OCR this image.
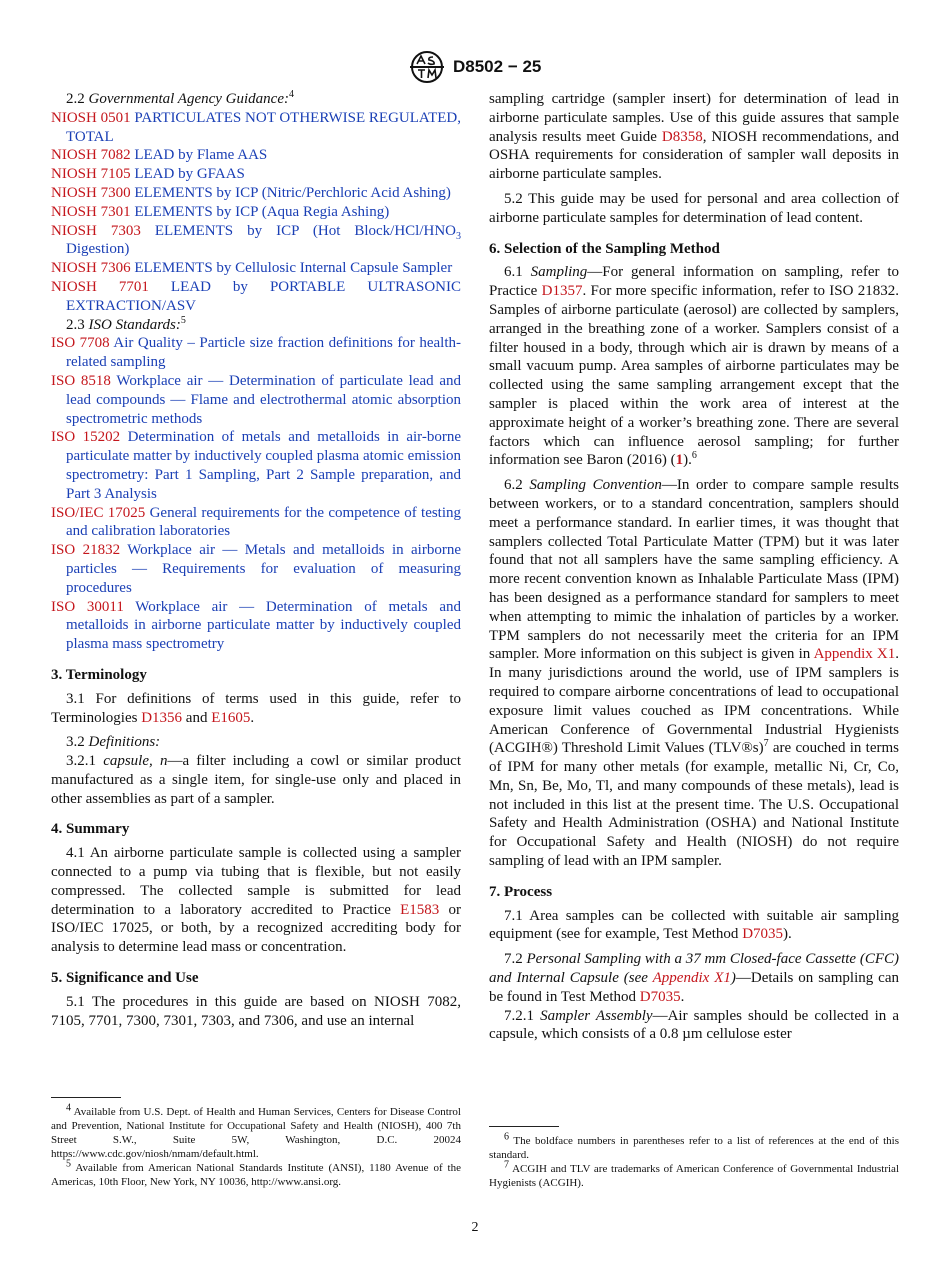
D8502 − 25

2.2 Governmental Agency Guidance:$^4$

NIOSH 0501 PARTICULATES NOT OTHERWISE REGULATED, TOTAL

NIOSH 7082 LEAD by Flame AAS

NIOSH 7105 LEAD by GFAAS

NIOSH 7300 ELEMENTS by ICP (Nitric/Perchloric Acid Ashing)

NIOSH 7301 ELEMENTS by ICP (Aqua Regia Ashing)

NIOSH 7303 ELEMENTS by ICP (Hot Block/$HCl/HNO_3$ Digestion)

NIOSH 7306 ELEMENTS by Cellulosic Internal Capsule Sampler

NIOSH 7701 LEAD by PORTABLE ULTRASONIC EXTRACTION/ASV

2.3 ISO Standards:$^5$

ISO 7708 Air Quality – Particle size fraction definitions for health-related sampling

ISO 8518 Workplace air — Determination of particulate lead and lead compounds — Flame and electrothermal atomic absorption spectrometric methods

ISO 15202 Determination of metals and metalloids in air-borne particulate matter by inductively coupled plasma atomic emission spectrometry: Part 1 Sampling, Part 2 Sample preparation, and Part 3 Analysis

ISO/IEC 17025 General requirements for the competence of testing and calibration laboratories

ISO 21832 Workplace air — Metals and metalloids in airborne particles — Requirements for evaluation of measuring procedures

ISO 30011 Workplace air — Determination of metals and metalloids in airborne particulate matter by inductively coupled plasma mass spectrometry

3. Terminology

3.1 For definitions of terms used in this guide, refer to Terminologies D1356 and E1605.

3.2 Definitions:

3.2.1 capsule, n—a filter including a cowl or similar product manufactured as a single item, for single-use only and placed in other assemblies as part of a sampler.

4. Summary

4.1 An airborne particulate sample is collected using a sampler connected to a pump via tubing that is flexible, but not easily compressed. The collected sample is submitted for lead determination to a laboratory accredited to Practice E1583 or ISO/IEC 17025, or both, by a recognized accrediting body for analysis to determine lead mass or concentration.

5. Significance and Use

5.1 The procedures in this guide are based on NIOSH 7082, 7105, 7701, 7300, 7301, 7303, and 7306, and use an internal

$^4$ Available from U.S. Dept. of Health and Human Services, Centers for Disease Control and Prevention, National Institute for Occupational Safety and Health (NIOSH), 400 7th Street S.W., Suite 5W, Washington, D.C. 20024 https://www.cdc.gov/niosh/nmam/default.html.

$^5$ Available from American National Standards Institute (ANSI), 1180 Avenue of the Americas, 10th Floor, New York, NY 10036, http://www.ansi.org.

sampling cartridge (sampler insert) for determination of lead in airborne particulate samples. Use of this guide assures that sample analysis results meet Guide D8358, NIOSH recommendations, and OSHA requirements for consideration of sampler wall deposits in airborne particulate samples.

5.2 This guide may be used for personal and area collection of airborne particulate samples for determination of lead content.

6. Selection of the Sampling Method

6.1 Sampling—For general information on sampling, refer to Practice D1357. For more specific information, refer to ISO 21832. Samples of airborne particulate (aerosol) are collected by samplers, arranged in the breathing zone of a worker. Samplers consist of a filter housed in a body, through which air is drawn by means of a small vacuum pump. Area samples of airborne particulates may be collected using the same sampling arrangement except that the sampler is placed within the work area of interest at the approximate height of a worker’s breathing zone. There are several factors which can influence aerosol sampling; for further information see Baron (2016) (1).$^6$

6.2 Sampling Convention—In order to compare sample results between workers, or to a standard concentration, samplers should meet a performance standard. In earlier times, it was thought that samplers collected Total Particulate Matter (TPM) but it was later found that not all samplers have the same sampling efficiency. A more recent convention known as Inhalable Particulate Mass (IPM) has been designed as a performance standard for samplers to meet when attempting to mimic the inhalation of particles by a worker. TPM samplers do not necessarily meet the criteria for an IPM sampler. More information on this subject is given in Appendix X1. In many jurisdictions around the world, use of IPM samplers is required to compare airborne concentrations of lead to occupational exposure limit values couched as IPM concentrations. While American Conference of Governmental Industrial Hygienists (ACGIH®) Threshold Limit Values (TLV®s)$^7$ are couched in terms of IPM for many other metals (for example, metallic Ni, Cr, Co, Mn, Sn, Be, Mo, Tl, and many compounds of these metals), lead is not included in this list at the present time. The U.S. Occupational Safety and Health Administration (OSHA) and National Institute for Occupational Safety and Health (NIOSH) do not require sampling of lead with an IPM sampler.

7. Process

7.1 Area samples can be collected with suitable air sampling equipment (see for example, Test Method D7035).

7.2 Personal Sampling with a 37 mm Closed-face Cassette (CFC) and Internal Capsule (see Appendix X1)—Details on sampling can be found in Test Method D7035.

7.2.1 Sampler Assembly—Air samples should be collected in a capsule, which consists of a 0.8 µm cellulose ester

$^6$ The boldface numbers in parentheses refer to a list of references at the end of this standard.

$^7$ ACGIH and TLV are trademarks of American Conference of Governmental Industrial Hygienists (ACGIH).

2
